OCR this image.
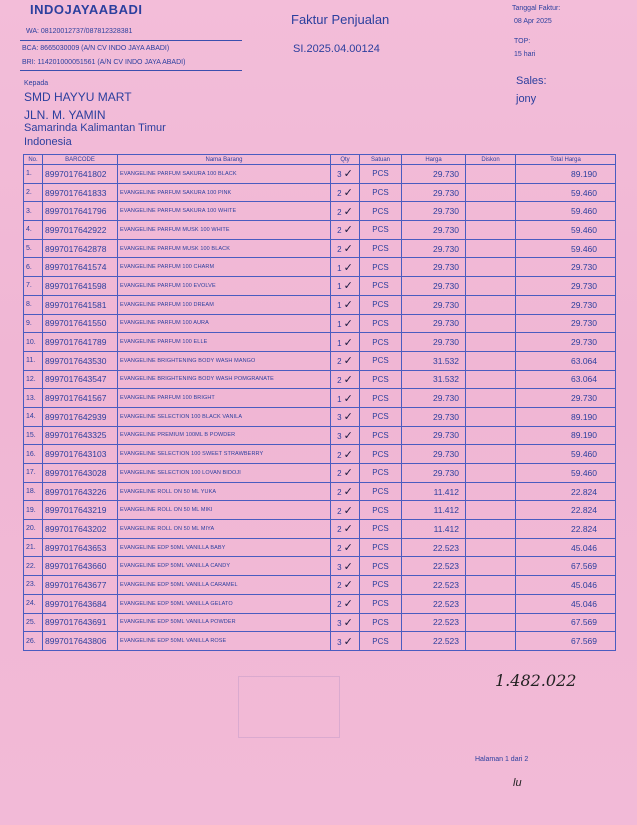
INDOJAYAABADI
WA: 08120012737/087812328381
BCA: 8665030009 (A/N CV INDO JAYA ABADI)
BRI: 114201000051561 (A/N CV INDO JAYA ABADI)
Faktur Penjualan
SI.2025.04.00124
Tanggal Faktur:
08 Apr 2025
TOP:
15 hari
Sales:
jony
Kepada
SMD HAYYU MART
JLN. M. YAMIN
Samarinda Kalimantan Timur
Indonesia
No.	BARCODE	Nama Barang	Qty	Satuan	Harga	Diskon	Total Harga
1.	8997017641802	EVANGELINE PARFUM SAKURA 100 BLACK	3 ✓	PCS	29.730		89.190
2.	8997017641833	EVANGELINE PARFUM SAKURA 100 PINK	2 ✓	PCS	29.730		59.460
3.	8997017641796	EVANGELINE PARFUM SAKURA 100 WHITE	2 ✓	PCS	29.730		59.460
4.	8997017642922	EVANGELINE PARFUM MUSK 100 WHITE	2 ✓	PCS	29.730		59.460
5.	8997017642878	EVANGELINE PARFUM MUSK 100 BLACK	2 ✓	PCS	29.730		59.460
6.	8997017641574	EVANGELINE PARFUM 100 CHARM	1 ✓	PCS	29.730		29.730
7.	8997017641598	EVANGELINE PARFUM 100 EVOLVE	1 ✓	PCS	29.730		29.730
8.	8997017641581	EVANGELINE PARFUM 100 DREAM	1 ✓	PCS	29.730		29.730
9.	8997017641550	EVANGELINE PARFUM 100 AURA	1 ✓	PCS	29.730		29.730
10.	8997017641789	EVANGELINE PARFUM 100 ELLE	1 ✓	PCS	29.730		29.730
11.	8997017643530	EVANGELINE BRIGHTENING BODY WASH MANGO	2 ✓	PCS	31.532		63.064
12.	8997017643547	EVANGELINE BRIGHTENING BODY WASH POMGRANATE	2 ✓	PCS	31.532		63.064
13.	8997017641567	EVANGELINE PARFUM 100 BRIGHT	1 ✓	PCS	29.730		29.730
14.	8997017642939	EVANGELINE SELECTION 100 BLACK VANILA	3 ✓	PCS	29.730		89.190
15.	8997017643325	EVANGELINE PREMIUM 100ML B POWDER	3 ✓	PCS	29.730		89.190
16.	8997017643103	EVANGELINE SELECTION 100 SWEET STRAWBERRY	2 ✓	PCS	29.730		59.460
17.	8997017643028	EVANGELINE SELECTION 100 LOVAN BIDOJI	2 ✓	PCS	29.730		59.460
18.	8997017643226	EVANGELINE ROLL ON 50 ML YUKA	2 ✓	PCS	11.412		22.824
19.	8997017643219	EVANGELINE ROLL ON 50 ML MIKI	2 ✓	PCS	11.412		22.824
20.	8997017643202	EVANGELINE ROLL ON 50 ML MIYA	2 ✓	PCS	11.412		22.824
21.	8997017643653	EVANGELINE EDP 50ML VANILLA BABY	2 ✓	PCS	22.523		45.046
22.	8997017643660	EVANGELINE EDP 50ML VANILLA CANDY	3 ✓	PCS	22.523		67.569
23.	8997017643677	EVANGELINE EDP 50ML VANILLA CARAMEL	2 ✓	PCS	22.523		45.046
24.	8997017643684	EVANGELINE EDP 50ML VANILLA GELATO	2 ✓	PCS	22.523		45.046
25.	8997017643691	EVANGELINE EDP 50ML VANILLA POWDER	3 ✓	PCS	22.523		67.569
26.	8997017643806	EVANGELINE EDP 50ML VANILLA ROSE	3 ✓	PCS	22.523		67.569
1.482.022
Halaman 1 dari 2
lu
